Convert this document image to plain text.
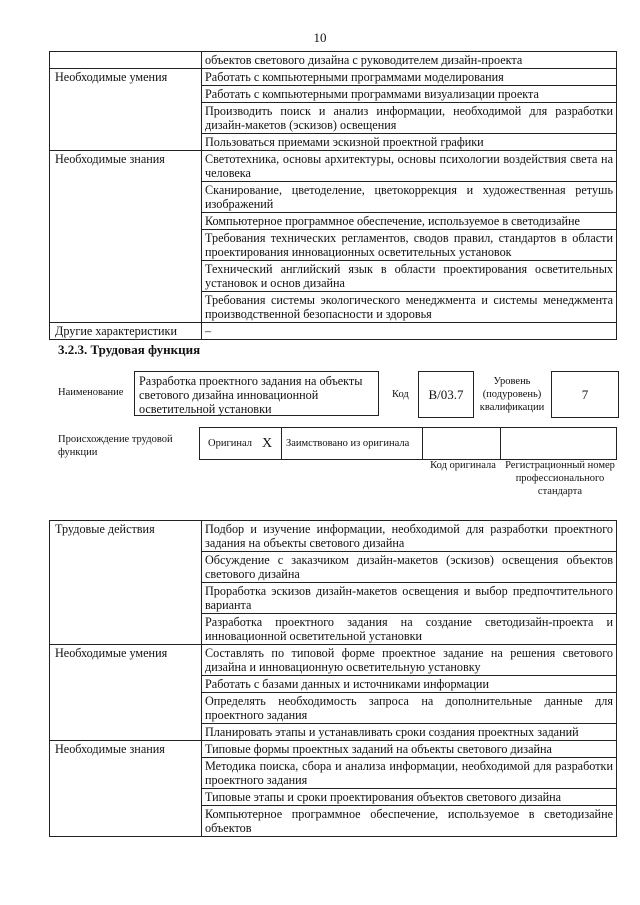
10
	объектов светового дизайна с руководителем дизайн-проекта
Необходимые умения	Работать с компьютерными программами моделирования
	Работать с компьютерными программами визуализации проекта
	Производить поиск и анализ информации, необходимой для разработки дизайн-макетов (эскизов) освещения
	Пользоваться приемами эскизной проектной графики
Необходимые знания	Светотехника, основы архитектуры, основы психологии воздействия света на человека
	Сканирование, цветоделение, цветокоррекция и художественная ретушь изображений
	Компьютерное программное обеспечение, используемое в светодизайне
	Требования технических регламентов, сводов правил, стандартов в области проектирования инновационных осветительных установок
	Технический английский язык в области проектирования осветительных установок и основ дизайна
	Требования системы экологического менеджмента и системы менеджмента производственной безопасности и здоровья
Другие характеристики	–
3.2.3. Трудовая функция
Наименование
Разработка проектного задания на объекты светового дизайна инновационной осветительной установки
Код	В/03.7
Уровень (подуровень) квалификации
7
Происхождение трудовой функции
Оригинал X	Заимствовано из оригинала
Код оригинала Регистрационный номер профессионального стандарта
Трудовые действия	Подбор и изучение информации, необходимой для разработки проектного задания на объекты светового дизайна
	Обсуждение с заказчиком дизайн-макетов (эскизов) освещения объектов светового дизайна
	Проработка эскизов дизайн-макетов освещения и выбор предпочтительного варианта
	Разработка проектного задания на создание светодизайн-проекта и инновационной осветительной установки
Необходимые умения	Составлять по типовой форме проектное задание на решения светового дизайна и инновационную осветительную установку
	Работать с базами данных и источниками информации
	Определять необходимость запроса на дополнительные данные для проектного задания
	Планировать этапы и устанавливать сроки создания проектных заданий
Необходимые знания	Типовые формы проектных заданий на объекты светового дизайна
	Методика поиска, сбора и анализа информации, необходимой для разработки проектного задания
	Типовые этапы и сроки проектирования объектов светового дизайна
	Компьютерное программное обеспечение, используемое в светодизайне объектов
